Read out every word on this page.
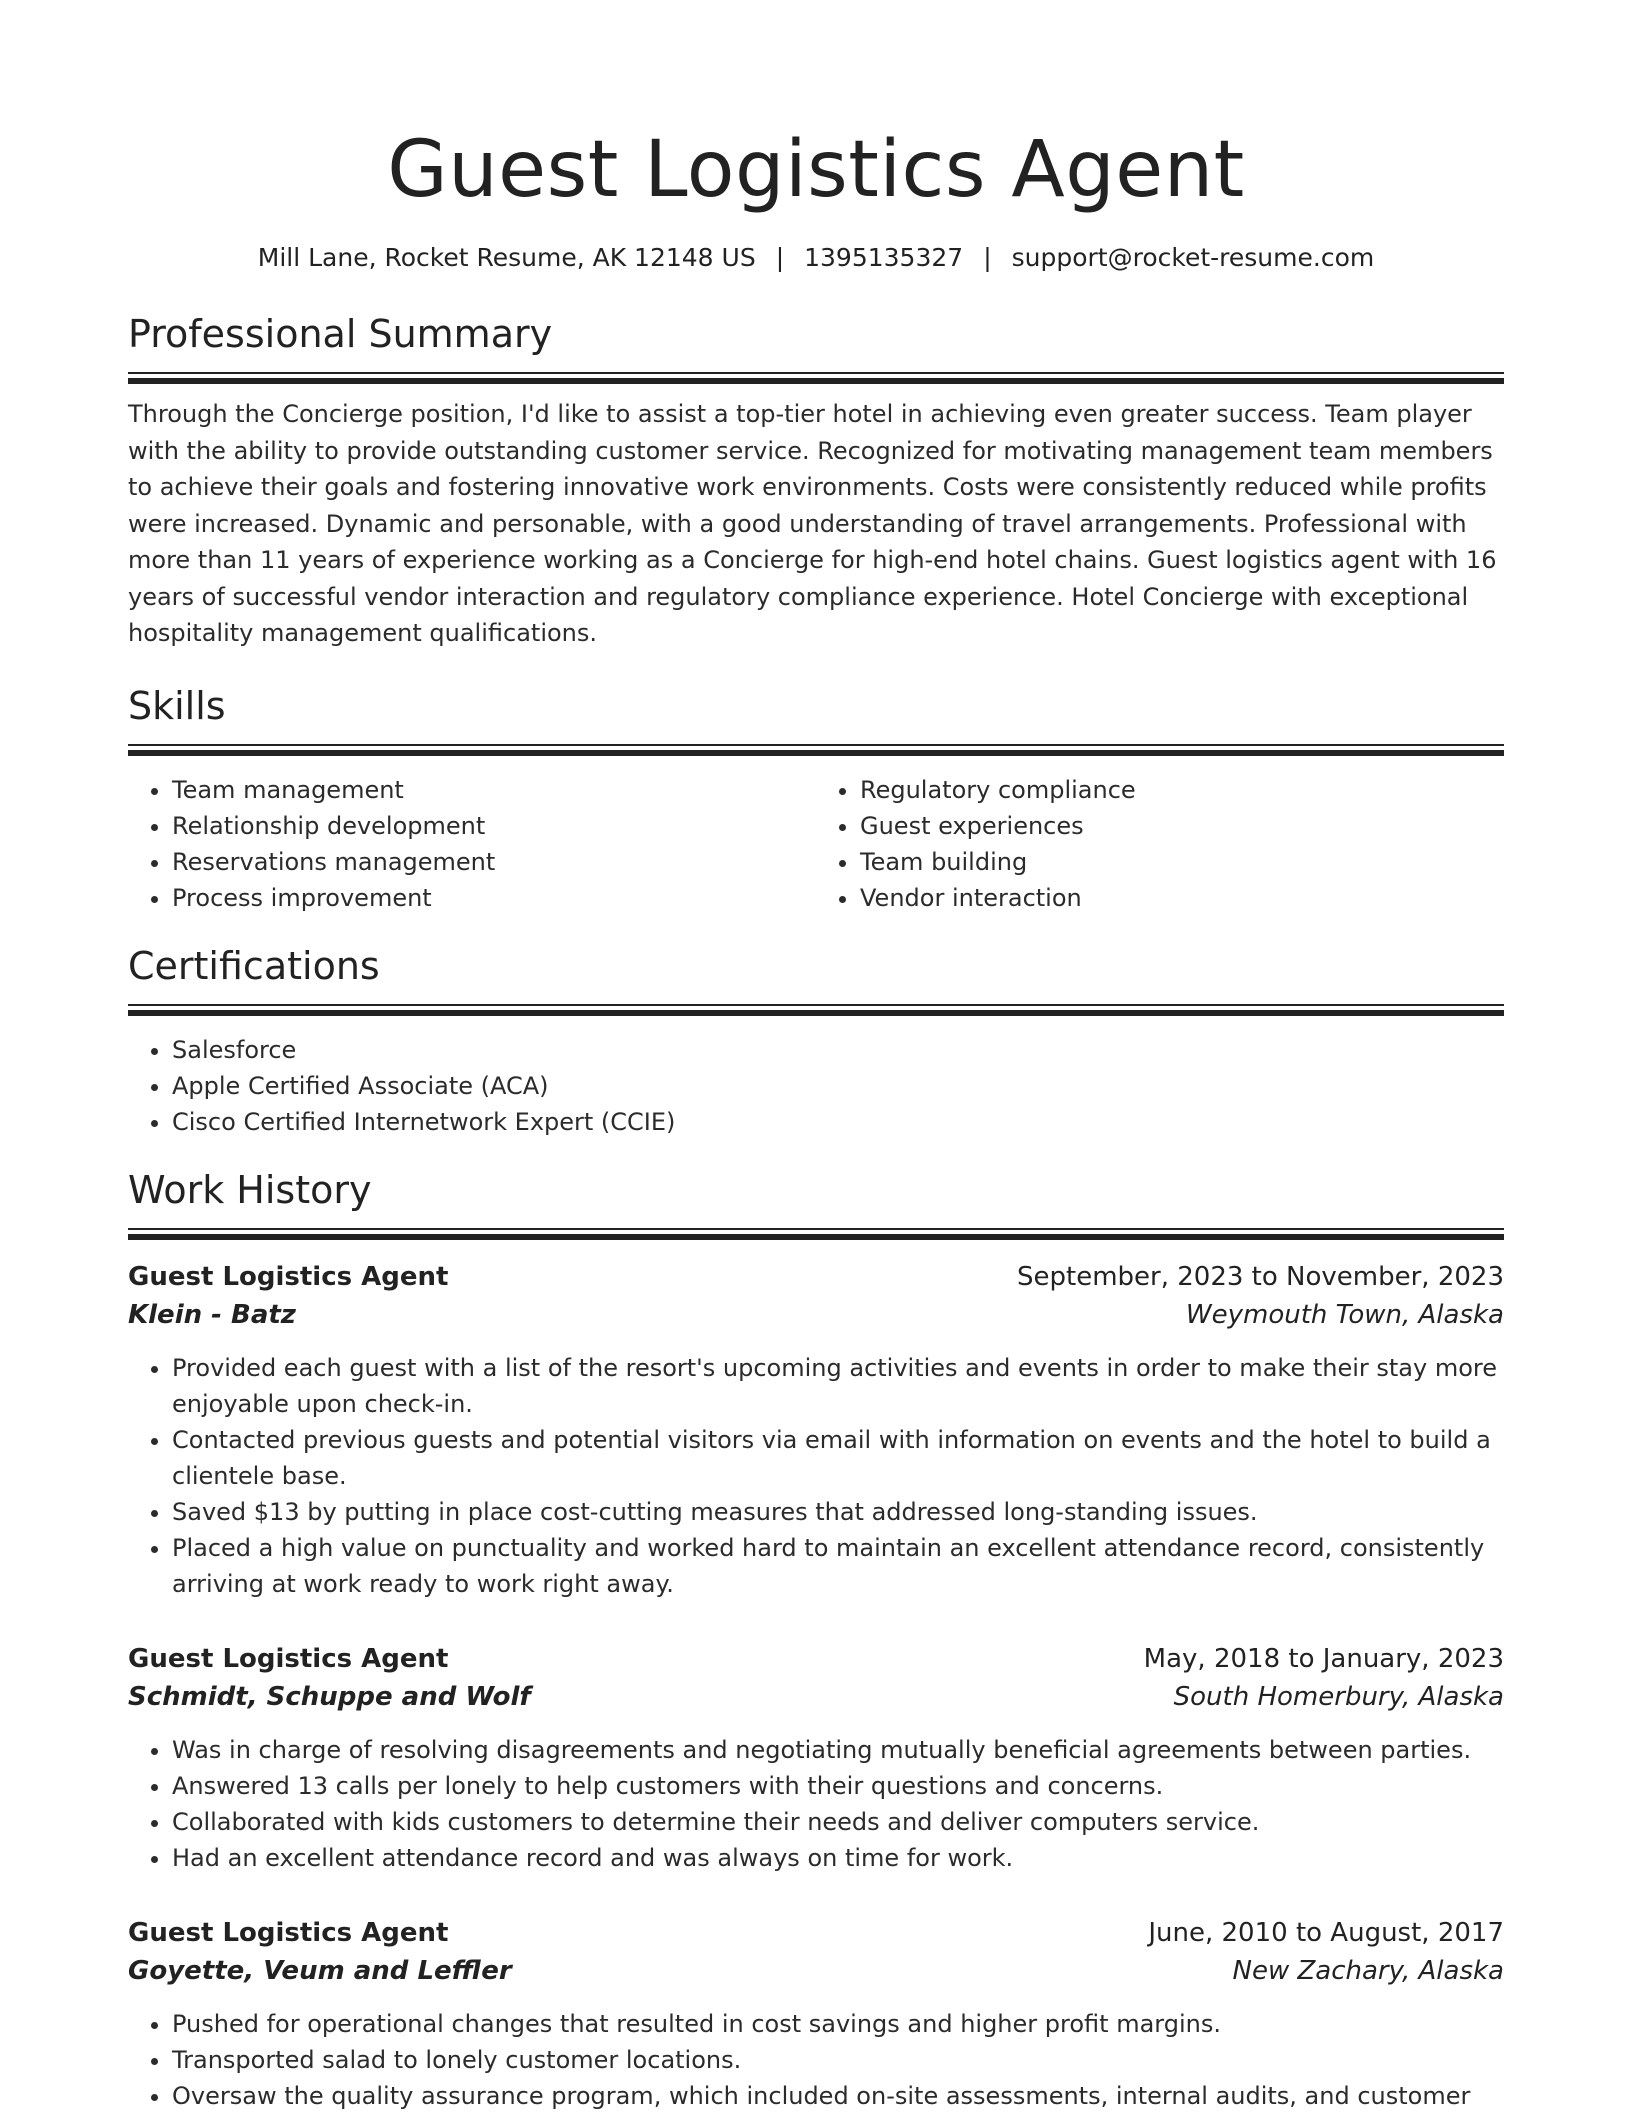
Guest Logistics Agent
Mill Lane, Rocket Resume, AK 12148 US | 1395135327 | support@rocket-resume.com
Professional Summary
Through the Concierge position, I'd like to assist a top-tier hotel in achieving even greater success. Team player with the ability to provide outstanding customer service. Recognized for motivating management team members to achieve their goals and fostering innovative work environments. Costs were consistently reduced while profits were increased. Dynamic and personable, with a good understanding of travel arrangements. Professional with more than 11 years of experience working as a Concierge for high-end hotel chains. Guest logistics agent with 16 years of successful vendor interaction and regulatory compliance experience. Hotel Concierge with exceptional hospitality management qualifications.
Skills
• Team management
• Relationship development
• Reservations management
• Process improvement
• Regulatory compliance
• Guest experiences
• Team building
• Vendor interaction
Certifications
• Salesforce
• Apple Certified Associate (ACA)
• Cisco Certified Internetwork Expert (CCIE)
Work History
Guest Logistics Agent	September, 2023 to November, 2023
Klein - Batz	Weymouth Town, Alaska
• Provided each guest with a list of the resort's upcoming activities and events in order to make their stay more enjoyable upon check-in.
• Contacted previous guests and potential visitors via email with information on events and the hotel to build a clientele base.
• Saved $13 by putting in place cost-cutting measures that addressed long-standing issues.
• Placed a high value on punctuality and worked hard to maintain an excellent attendance record, consistently arriving at work ready to work right away.
Guest Logistics Agent	May, 2018 to January, 2023
Schmidt, Schuppe and Wolf	South Homerbury, Alaska
• Was in charge of resolving disagreements and negotiating mutually beneficial agreements between parties.
• Answered 13 calls per lonely to help customers with their questions and concerns.
• Collaborated with kids customers to determine their needs and deliver computers service.
• Had an excellent attendance record and was always on time for work.
Guest Logistics Agent	June, 2010 to August, 2017
Goyette, Veum and Leffler	New Zachary, Alaska
• Pushed for operational changes that resulted in cost savings and higher profit margins.
• Transported salad to lonely customer locations.
• Oversaw the quality assurance program, which included on-site assessments, internal audits, and customer
